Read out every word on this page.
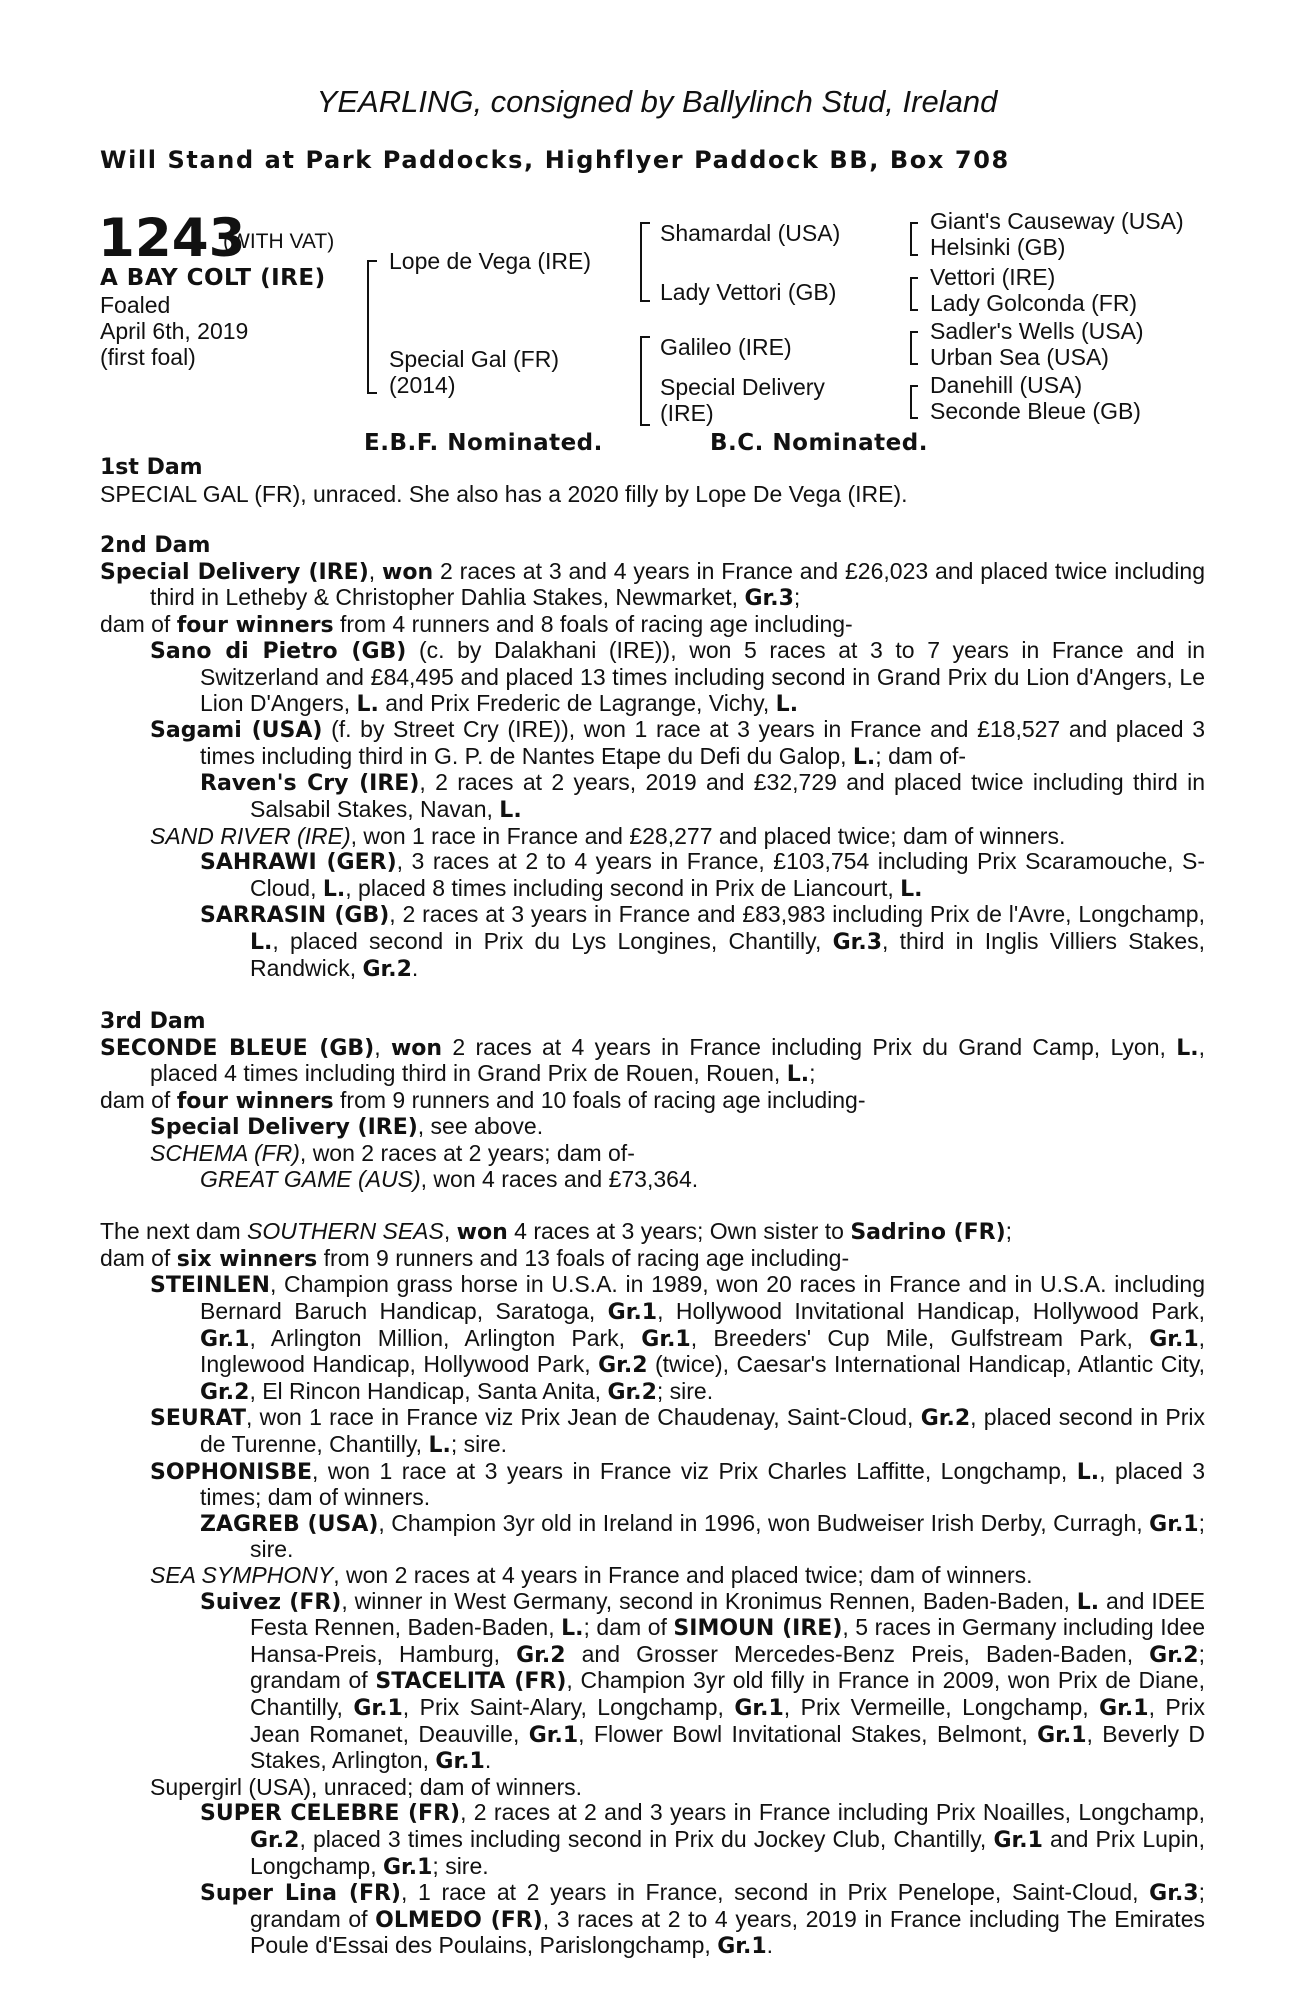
YEARLING, consigned by Ballylinch Stud, Ireland
Will Stand at Park Paddocks, Highflyer Paddock BB, Box 708
1243
(WITH VAT)
A BAY COLT (IRE)
Foaled
April 6th, 2019
(first foal)
Lope de Vega (IRE)
Special Gal (FR)
(2014)
Shamardal (USA)
Lady Vettori (GB)
Galileo (IRE)
Special Delivery
(IRE)
Giant's Causeway (USA)
Helsinki (GB)
Vettori (IRE)
Lady Golconda (FR)
Sadler's Wells (USA)
Urban Sea (USA)
Danehill (USA)
Seconde Bleue (GB)
E.B.F. Nominated.	B.C. Nominated.
1st Dam
SPECIAL GAL (FR), unraced. She also has a 2020 filly by Lope De Vega (IRE).

2nd Dam

Special Delivery (IRE), won 2 races at 3 and 4 years in France and £26,023 and placed twice including third in Letheby & Christopher Dahlia Stakes, Newmarket, Gr.3;

dam of four winners from 4 runners and 8 foals of racing age including-

Sano di Pietro (GB) (c. by Dalakhani (IRE)), won 5 races at 3 to 7 years in France and in Switzerland and £84,495 and placed 13 times including second in Grand Prix du Lion d'Angers, Le Lion D'Angers, L. and Prix Frederic de Lagrange, Vichy, L.

Sagami (USA) (f. by Street Cry (IRE)), won 1 race at 3 years in France and £18,527 and placed 3 times including third in G. P. de Nantes Etape du Defi du Galop, L.; dam of-

Raven's Cry (IRE), 2 races at 2 years, 2019 and £32,729 and placed twice including third in Salsabil Stakes, Navan, L.

SAND RIVER (IRE), won 1 race in France and £28,277 and placed twice; dam of winners.

SAHRAWI (GER), 3 races at 2 to 4 years in France, £103,754 including Prix Scaramouche, S-Cloud, L., placed 8 times including second in Prix de Liancourt, L.

SARRASIN (GB), 2 races at 3 years in France and £83,983 including Prix de l'Avre, Longchamp, L., placed second in Prix du Lys Longines, Chantilly, Gr.3, third in Inglis Villiers Stakes, Randwick, Gr.2.

3rd Dam

SECONDE BLEUE (GB), won 2 races at 4 years in France including Prix du Grand Camp, Lyon, L., placed 4 times including third in Grand Prix de Rouen, Rouen, L.;

dam of four winners from 9 runners and 10 foals of racing age including-

Special Delivery (IRE), see above.

SCHEMA (FR), won 2 races at 2 years; dam of-

GREAT GAME (AUS), won 4 races and £73,364.

The next dam SOUTHERN SEAS, won 4 races at 3 years; Own sister to Sadrino (FR);

dam of six winners from 9 runners and 13 foals of racing age including-

STEINLEN, Champion grass horse in U.S.A. in 1989, won 20 races in France and in U.S.A. including Bernard Baruch Handicap, Saratoga, Gr.1, Hollywood Invitational Handicap, Hollywood Park, Gr.1, Arlington Million, Arlington Park, Gr.1, Breeders' Cup Mile, Gulfstream Park, Gr.1, Inglewood Handicap, Hollywood Park, Gr.2 (twice), Caesar's International Handicap, Atlantic City, Gr.2, El Rincon Handicap, Santa Anita, Gr.2; sire.

SEURAT, won 1 race in France viz Prix Jean de Chaudenay, Saint-Cloud, Gr.2, placed second in Prix de Turenne, Chantilly, L.; sire.

SOPHONISBE, won 1 race at 3 years in France viz Prix Charles Laffitte, Longchamp, L., placed 3 times; dam of winners.

ZAGREB (USA), Champion 3yr old in Ireland in 1996, won Budweiser Irish Derby, Curragh, Gr.1; sire.

SEA SYMPHONY, won 2 races at 4 years in France and placed twice; dam of winners.

Suivez (FR), winner in West Germany, second in Kronimus Rennen, Baden-Baden, L. and IDEE Festa Rennen, Baden-Baden, L.; dam of SIMOUN (IRE), 5 races in Germany including Idee Hansa-Preis, Hamburg, Gr.2 and Grosser Mercedes-Benz Preis, Baden-Baden, Gr.2; grandam of STACELITA (FR), Champion 3yr old filly in France in 2009, won Prix de Diane, Chantilly, Gr.1, Prix Saint-Alary, Longchamp, Gr.1, Prix Vermeille, Longchamp, Gr.1, Prix Jean Romanet, Deauville, Gr.1, Flower Bowl Invitational Stakes, Belmont, Gr.1, Beverly D Stakes, Arlington, Gr.1.

Supergirl (USA), unraced; dam of winners.

SUPER CELEBRE (FR), 2 races at 2 and 3 years in France including Prix Noailles, Longchamp, Gr.2, placed 3 times including second in Prix du Jockey Club, Chantilly, Gr.1 and Prix Lupin, Longchamp, Gr.1; sire.

Super Lina (FR), 1 race at 2 years in France, second in Prix Penelope, Saint-Cloud, Gr.3; grandam of OLMEDO (FR), 3 races at 2 to 4 years, 2019 in France including The Emirates Poule d'Essai des Poulains, Parislongchamp, Gr.1.
